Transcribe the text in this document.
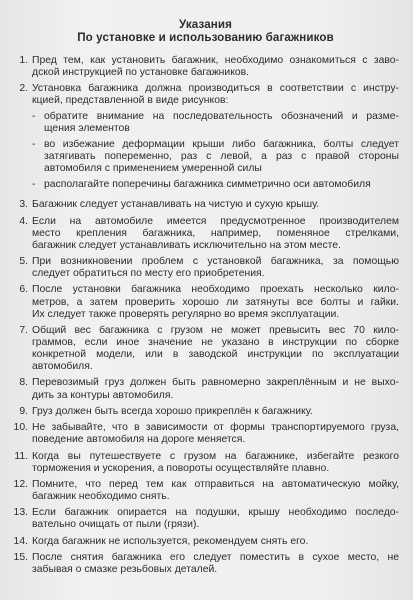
Указания
По установке и использованию багажников
1. Пред тем, как установить багажник, необходимо ознакомиться с заво-
дской инструкцией по установке багажников.
2. Установка багажника должна производиться в соответствии с инстру-
кцией, представленной в виде рисунков:
- обратите внимание на последовательность обозначений и разме-
щения элементов
- во избежание деформации крыши либо багажника, болты следует
затягивать попеременно, раз с левой, а раз с правой стороны
автомобиля с применением умеренной силы
- располагайте поперечины багажника симметрично оси автомобиля
3. Багажник следует устанавливать на чистую и сухую крышу.
4. Если на автомобиле имеется предусмотренное производителем
место крепления багажника, например, поменяное стрелками,
багажник следует устанавливать исключительно на этом месте.
5. При возникновении проблем с установкой багажника, за помощью
следует обратиться по месту его приобретения.
6. После установки багажника необходимо проехать несколько кило-
метров, а затем проверить хорошо ли затянуты все болты и гайки.
Их следует также проверять регулярно во время эксплуатации.
7. Общий вес багажника с грузом не может превысить вес 70 кило-
граммов, если иное значение не указано в инструкции по сборке
конкретной модели, или в заводской инструкции по эксплуатации
автомобиля.
8. Перевозимый груз должен быть равномерно закреплённым и не выхо-
дить за контуры автомобиля.
9. Груз должен быть всегда хорошо прикреплён к багажнику.
10. Не забывайте, что в зависимости от формы транспортируемого груза,
поведение автомобиля на дороге меняется.
11. Когда вы путешествуете с грузом на багажнике, избегайте резкого
торможения и ускорения, а повороты осуществляйте плавно.
12. Помните, что перед тем как отправиться на автоматическую мойку,
багажник необходимо снять.
13. Если багажник опирается на подушки, крышу необходимо последо-
вательно очищать от пыли (грязи).
14. Когда багажник не используется, рекомендуем снять его.
15. После снятия багажника его следует поместить в сухое место, не
забывая о смазке резьбовых деталей.
